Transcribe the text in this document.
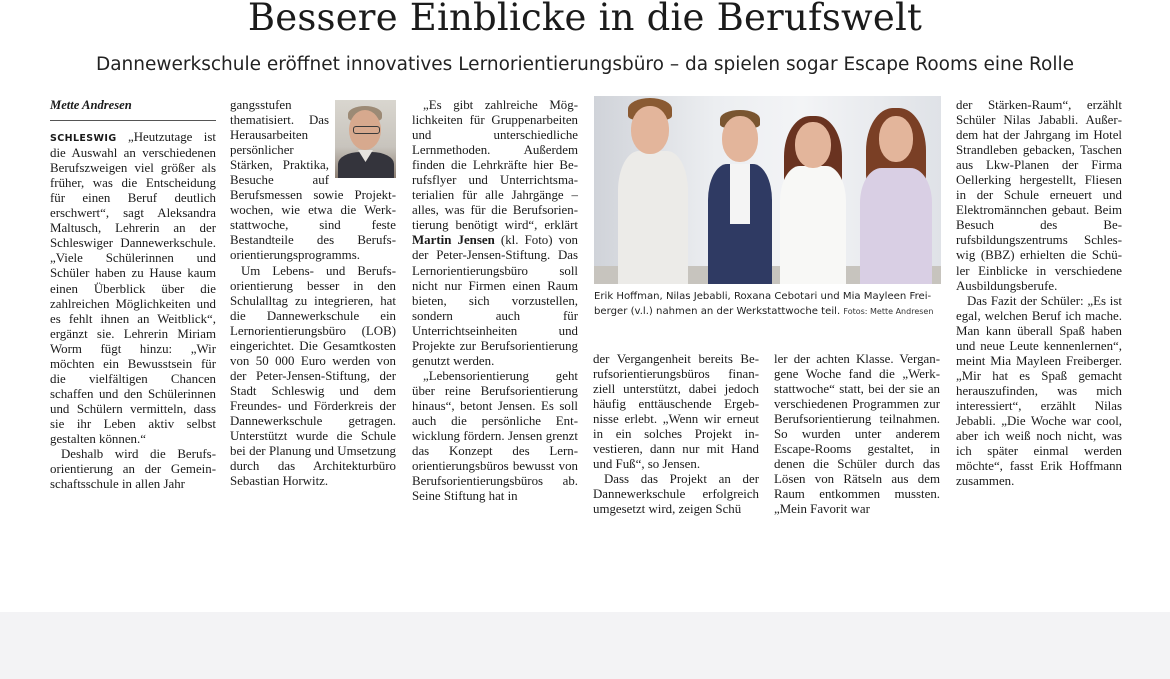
Bessere Einblicke in die Berufswelt
Dannewerkschule eröffnet innovatives Lernorientierungsbüro – da spielen sogar Escape Rooms eine Rolle
Mette Andresen

SCHLESWIG „Heutzutage ist die Auswahl an verschiedenen Berufszweigen viel größer als früher, was die Entscheidung für einen Beruf deutlich erschwert“, sagt Aleksandra Maltusch, Lehrerin an der Schleswiger Dannewerkschule. „Viele Schülerinnen und Schüler haben zu Hause kaum einen Überblick über die zahlreichen Möglichkeiten und es fehlt ihnen an Weitblick“, ergänzt sie. Lehrerin Miriam Worm fügt hinzu: „Wir möchten ein Bewusstsein für die vielfältigen Chancen schaffen und den Schülerinnen und Schülern vermitteln, dass sie ihr Leben aktiv selbst gestalten können.“

Deshalb wird die Berufsorientierung an der Gemeinschaftsschule in allen Jahr

gangsstufen thematisiert. Das Herausarbeiten persönlicher Stärken, Praktika, Besuche auf Berufsmessen sowie Projektwochen, wie etwa die Werkstattwoche, sind feste Bestandteile des Berufsorientierungsprogramms.

Um Lebens- und Berufsorientierung besser in den Schulalltag zu integrieren, hat die Dannewerkschule ein Lernorientierungsbüro (LOB) eingerichtet. Die Gesamtkosten von 50 000 Euro werden von der Peter-Jensen-Stiftung, der Stadt Schleswig und dem Freundes- und Förderkreis der Dannewerkschule getragen. Unterstützt wurde die Schule bei der Planung und Umsetzung durch das Architekturbüro Sebastian Horwitz.

„Es gibt zahlreiche Möglichkeiten für Gruppenarbeiten und unterschiedliche Lernmethoden. Außerdem finden die Lehrkräfte hier Berufsflyer und Unterrichtsmaterialien für alle Jahrgänge – alles, was für die Berufsorientierung benötigt wird“, erklärt Martin Jensen (kl. Foto) von der Peter-Jensen-Stiftung. Das Lernorientierungsbüro soll nicht nur Firmen einen Raum bieten, sich vorzustellen, sondern auch für Unterrichtseinheiten und Projekte zur Berufsorientierung genutzt werden.

„Lebensorientierung geht über reine Berufsorientierung hinaus“, betont Jensen. Es soll auch die persönliche Entwicklung fördern. Jensen grenzt das Konzept des Lernorientierungsbüros bewusst von Berufsorientierungsbüros ab. Seine Stiftung hat in

Erik Hoffman, Nilas Jebabli, Roxana Cebotari und Mia Mayleen Freiberger (v.l.) nahmen an der Werkstattwoche teil. Fotos: Mette Andresen

der Vergangenheit bereits Berufsorientierungsbüros finanziell unterstützt, dabei jedoch häufig enttäuschende Ergebnisse erlebt. „Wenn wir erneut in ein solches Projekt investieren, dann nur mit Hand und Fuß“, so Jensen.

Dass das Projekt an der Dannewerkschule erfolgreich umgesetzt wird, zeigen Schü

ler der achten Klasse. Vergangene Woche fand die „Werkstattwoche“ statt, bei der sie an verschiedenen Programmen zur Berufsorientierung teilnahmen. So wurden unter anderem Escape-Rooms gestaltet, in denen die Schüler durch das Lösen von Rätseln aus dem Raum entkommen mussten. „Mein Favorit war

der Stärken-Raum“, erzählt Schüler Nilas Jababli. Außerdem hat der Jahrgang im Hotel Strandleben gebacken, Taschen aus Lkw-Planen der Firma Oellerking hergestellt, Fliesen in der Schule erneuert und Elektromännchen gebaut. Beim Besuch des Berufsbildungszentrums Schleswig (BBZ) erhielten die Schüler Einblicke in verschiedene Ausbildungsberufe.

Das Fazit der Schüler: „Es ist egal, welchen Beruf ich mache. Man kann überall Spaß haben und neue Leute kennenlernen“, meint Mia Mayleen Freiberger. „Mir hat es Spaß gemacht herauszufinden, was mich interessiert“, erzählt Nilas Jebabli. „Die Woche war cool, aber ich weiß noch nicht, was ich später einmal werden möchte“, fasst Erik Hoffmann zusammen.
